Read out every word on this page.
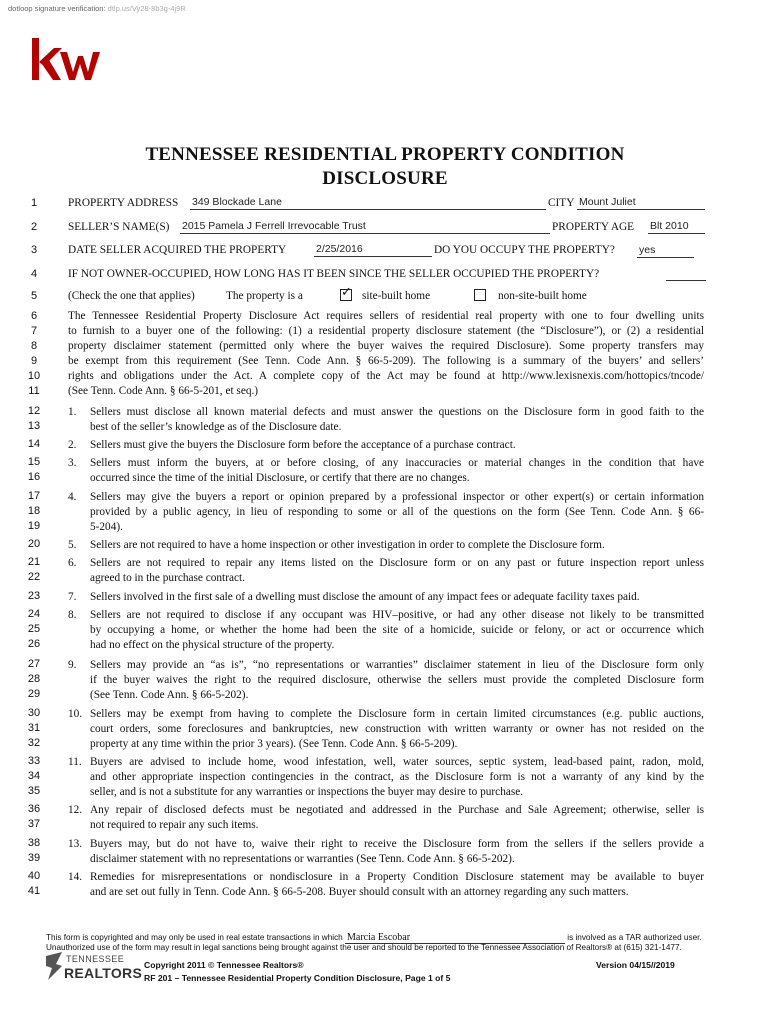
dotloop signature verification: dtlp.us/Vy28-8b3g-4j9R
TENNESSEE RESIDENTIAL PROPERTY CONDITION
DISCLOSURE
1
2
3
4
5
6
7
8
9
10
11
12
13
14
15
16
17
18
19
20
21
22
23
24
25
26
27
28
29
30
31
32
33
34
35
36
37
38
39
40
41
PROPERTY ADDRESS 349 Blockade Lane	CITY Mount Juliet
SELLER’S NAME(S) 2015 Pamela J Ferrell Irrevocable Trust	PROPERTY AGE Blt 2010
DATE SELLER ACQUIRED THE PROPERTY	2/25/2016	DO YOU OCCUPY THE PROPERTY? yes
IF NOT OWNER-OCCUPIED, HOW LONG HAS IT BEEN SINCE THE SELLER OCCUPIED THE PROPERTY?
(Check the one that applies)	The property is a
✓	site-built home	non-site-built home
The Tennessee Residential Property Disclosure Act requires sellers of residential real property with one to four dwelling units
to furnish to a buyer one of the following: (1) a residential property disclosure statement (the “Disclosure”), or (2) a residential
property disclaimer statement (permitted only where the buyer waives the required Disclosure). Some property transfers may
be exempt from this requirement (See Tenn. Code Ann. § 66-5-209). The following is a summary of the buyers’ and sellers’
rights and obligations under the Act. A complete copy of the Act may be found at http://www.lexisnexis.com/hottopics/tncode/
(See Tenn. Code Ann. § 66-5-201, et seq.)
1. Sellers must disclose all known material defects and must answer the questions on the Disclosure form in good faith to the
best of the seller’s knowledge as of the Disclosure date.
2. Sellers must give the buyers the Disclosure form before the acceptance of a purchase contract.
3. Sellers must inform the buyers, at or before closing, of any inaccuracies or material changes in the condition that have
occurred since the time of the initial Disclosure, or certify that there are no changes.
4. Sellers may give the buyers a report or opinion prepared by a professional inspector or other expert(s) or certain information
provided by a public agency, in lieu of responding to some or all of the questions on the form (See Tenn. Code Ann. § 66-
5-204).
5. Sellers are not required to have a home inspection or other investigation in order to complete the Disclosure form.
6. Sellers are not required to repair any items listed on the Disclosure form or on any past or future inspection report unless
agreed to in the purchase contract.
7. Sellers involved in the first sale of a dwelling must disclose the amount of any impact fees or adequate facility taxes paid.
8. Sellers are not required to disclose if any occupant was HIV–positive, or had any other disease not likely to be transmitted
by occupying a home, or whether the home had been the site of a homicide, suicide or felony, or act or occurrence which
had no effect on the physical structure of the property.
9. Sellers may provide an “as is”, “no representations or warranties” disclaimer statement in lieu of the Disclosure form only
if the buyer waives the right to the required disclosure, otherwise the sellers must provide the completed Disclosure form
(See Tenn. Code Ann. § 66-5-202).
10. Sellers may be exempt from having to complete the Disclosure form in certain limited circumstances (e.g. public auctions,
court orders, some foreclosures and bankruptcies, new construction with written warranty or owner has not resided on the
property at any time within the prior 3 years). (See Tenn. Code Ann. § 66-5-209).
11. Buyers are advised to include home, wood infestation, well, water sources, septic system, lead-based paint, radon, mold,
and other appropriate inspection contingencies in the contract, as the Disclosure form is not a warranty of any kind by the
seller, and is not a substitute for any warranties or inspections the buyer may desire to purchase.
12. Any repair of disclosed defects must be negotiated and addressed in the Purchase and Sale Agreement; otherwise, seller is
not required to repair any such items.
13. Buyers may, but do not have to, waive their right to receive the Disclosure form from the sellers if the sellers provide a
disclaimer statement with no representations or warranties (See Tenn. Code Ann. § 66-5-202).
14. Remedies for misrepresentations or nondisclosure in a Property Condition Disclosure statement may be available to buyer
and are set out fully in Tenn. Code Ann. § 66-5-208. Buyer should consult with an attorney regarding any such matters.
This form is copyrighted and may only be used in real estate transactions in which Marcia Escobar	is involved as a TAR authorized user.
Unauthorized use of the form may result in legal sanctions being brought against the user and should be reported to the Tennessee Association of Realtors® at (615) 321-1477.
TENNESSEE
REALTORS Copyright 2011 © Tennessee Realtors®
RF 201 – Tennessee Residential Property Condition Disclosure, Page 1 of 5
Version 04/15//2019
